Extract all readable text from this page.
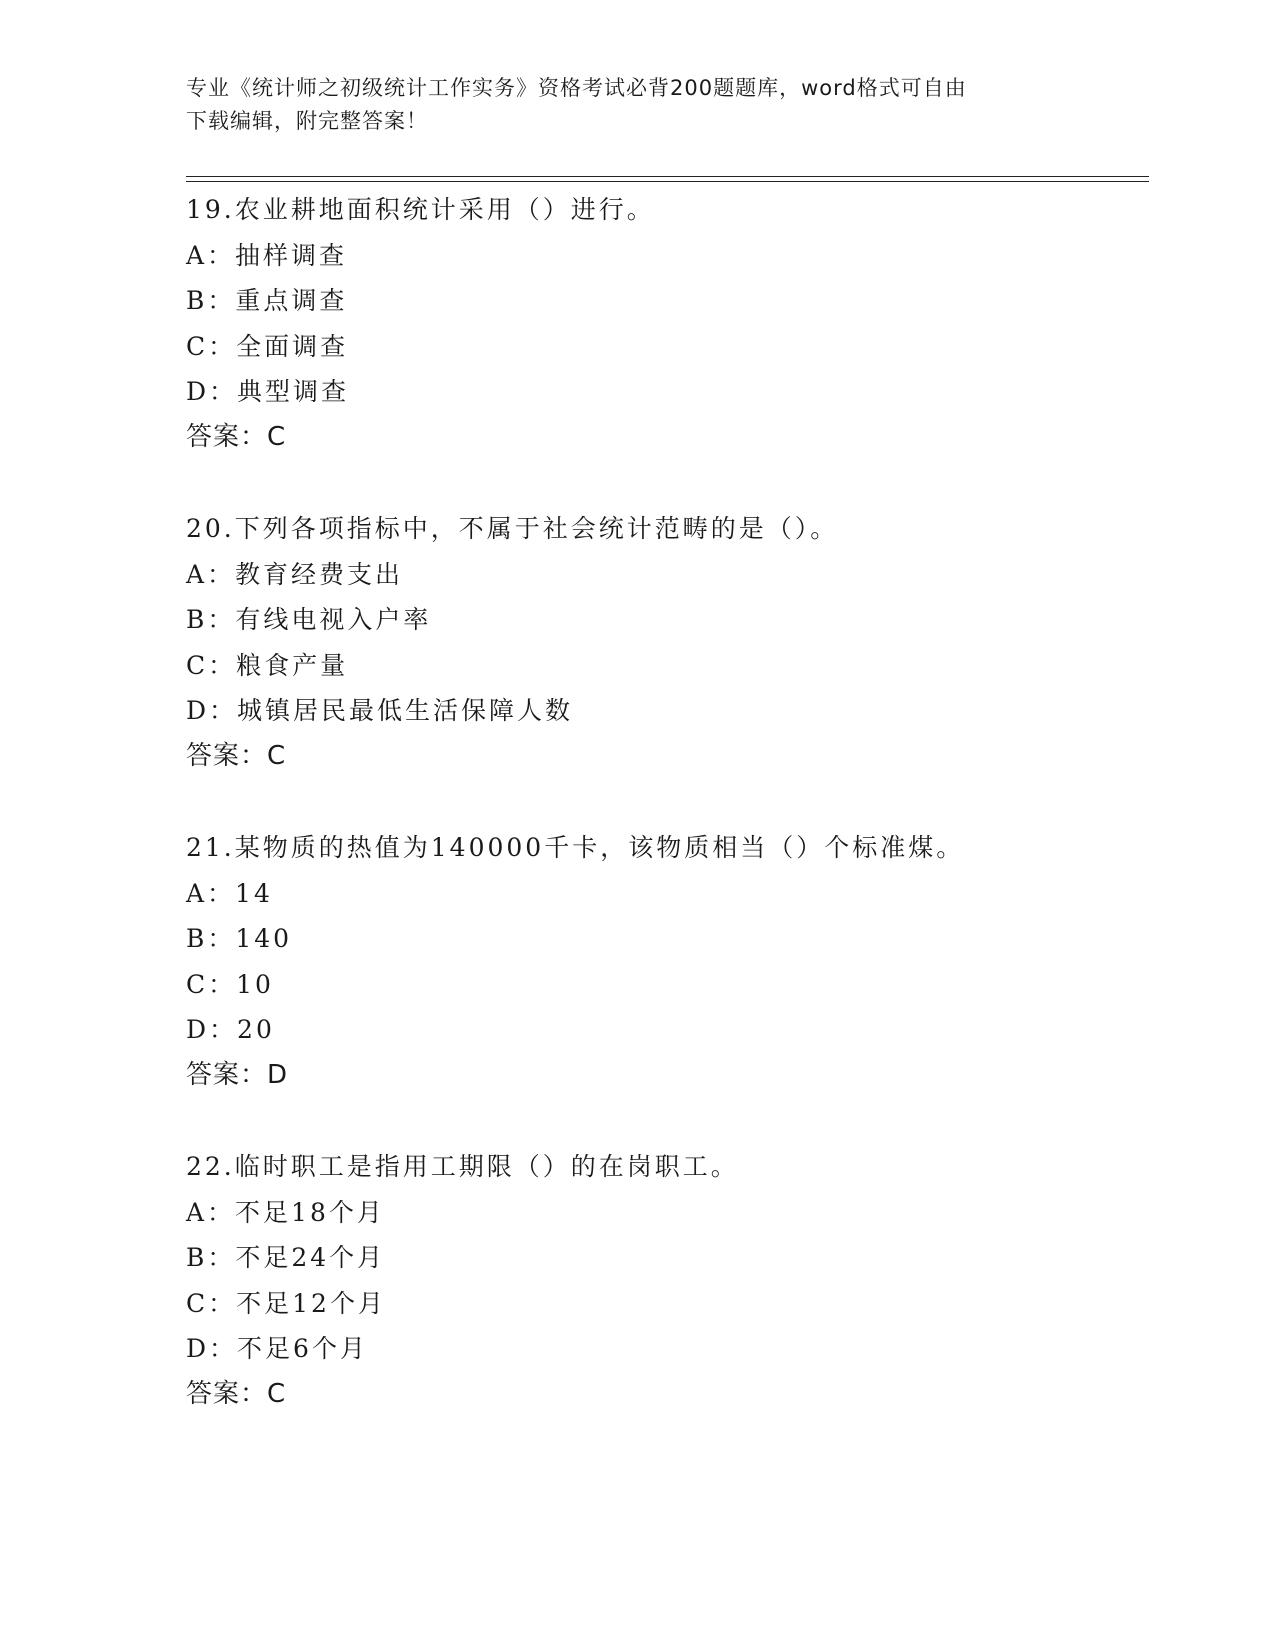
专业《统计师之初级统计工作实务》资格考试必背200题题库，word格式可自由
下载编辑，附完整答案！
19.农业耕地面积统计采用（）进行。
A：抽样调查
B：重点调查
C：全面调查
D：典型调查
答案：C
20.下列各项指标中，不属于社会统计范畴的是（）。
A：教育经费支出
B：有线电视入户率
C：粮食产量
D：城镇居民最低生活保障人数
答案：C
21.某物质的热值为140000千卡，该物质相当（）个标准煤。
A：14
B：140
C：10
D：20
答案：D
22.临时职工是指用工期限（）的在岗职工。
A：不足18个月
B：不足24个月
C：不足12个月
D：不足6个月
答案：C
